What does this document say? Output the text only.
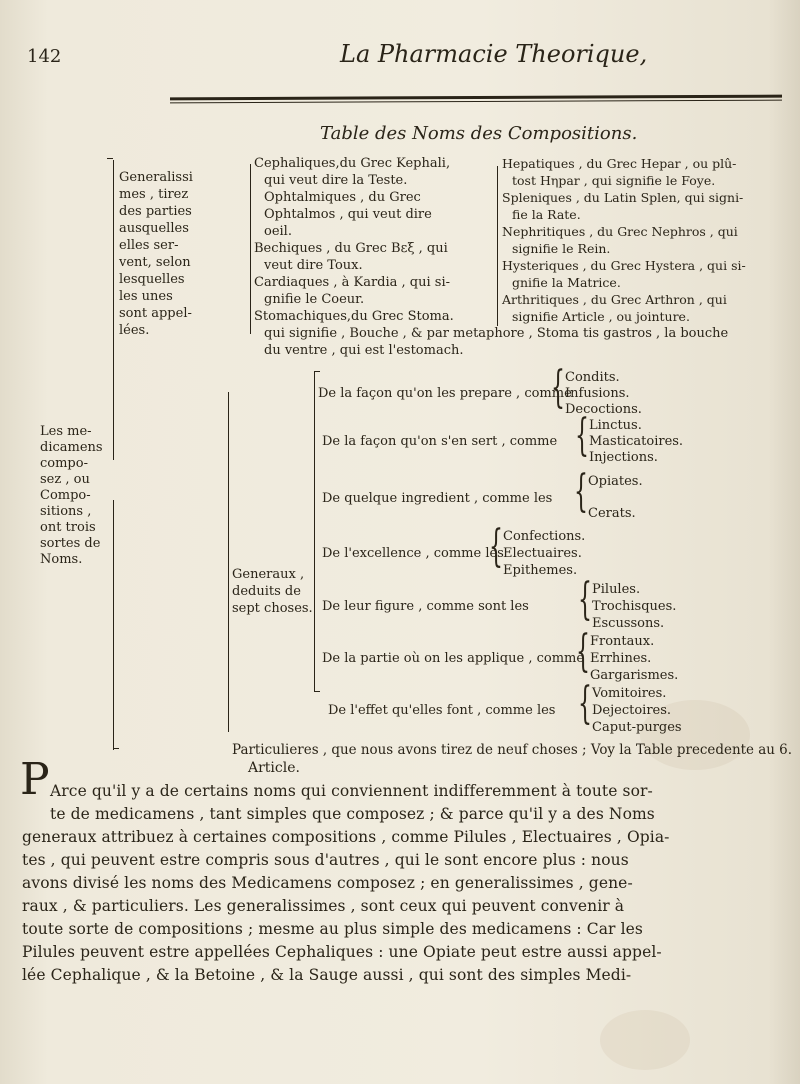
142	La Pharmacie Theorique,
Table des Noms des Compositions.
Les me-
dicamens
compo-
sez , ou
Compo-
sitions ,
ont trois
sortes de
Noms.
Generalissi
mes , tirez
des parties
ausquelles
elles ser-
vent, selon
lesquelles
les unes
sont appel-
lées.
Cephaliques,du Grec Kephali,
qui veut dire la Teste.
Ophtalmiques , du Grec
Ophtalmos , qui veut dire
oeil.
Bechiques , du Grec Bεξ , qui
veut dire Toux.
Cardiaques , à Kardia , qui si-
gnifie le Coeur.
Stomachiques,du Grec Stoma.
Hepatiques , du Grec Hepar , ou plû-
tost Hηpar , qui signifie le Foye.
Spleniques , du Latin Splen, qui signi-
fie la Rate.
Nephritiques , du Grec Nephros , qui
signifie le Rein.
Hysteriques , du Grec Hystera , qui si-
gnifie la Matrice.
Arthritiques , du Grec Arthron , qui
signifie Article , ou jointure.
qui signifie , Bouche , & par metaphore , Stoma tis gastros , la bouche
du ventre , qui est l'estomach.
Generaux ,
deduits de
sept choses.
De la façon qu'on les prepare , comme
{ Condits.
Infusions.
Decoctions.
De la façon qu'on s'en sert , comme { Linctus.
Masticatoires.
Injections.
De quelque ingredient , comme les { Opiates.
Cerats.
De l'excellence , comme les
{ Confections.
Electuaires.
Epithemes.
De leur figure , comme sont les { Pilules.
Trochisques.
Escussons.
De la partie où on les applique , comme
{ Frontaux.
Errhines.
Gargarismes.
De l'effet qu'elles font , comme les { Vomitoires.
Dejectoires.
Caput-purges
Particulieres , que nous avons tirez de neuf choses ; Voy la Table precedente au 6.
Article.
P Arce qu'il y a de certains noms qui conviennent indifferemment à toute sor-
te de medicamens , tant simples que composez ; & parce qu'il y a des Noms
generaux attribuez à certaines compositions , comme Pilules , Electuaires , Opia-
tes , qui peuvent estre compris sous d'autres , qui le sont encore plus : nous
avons divisé les noms des Medicamens composez ; en generalissimes , gene-
raux , & particuliers. Les generalissimes , sont ceux qui peuvent convenir à
toute sorte de compositions ; mesme au plus simple des medicamens : Car les
Pilules peuvent estre appellées Cephaliques : une Opiate peut estre aussi appel-
lée Cephalique , & la Betoine , & la Sauge aussi , qui sont des simples Medi-
